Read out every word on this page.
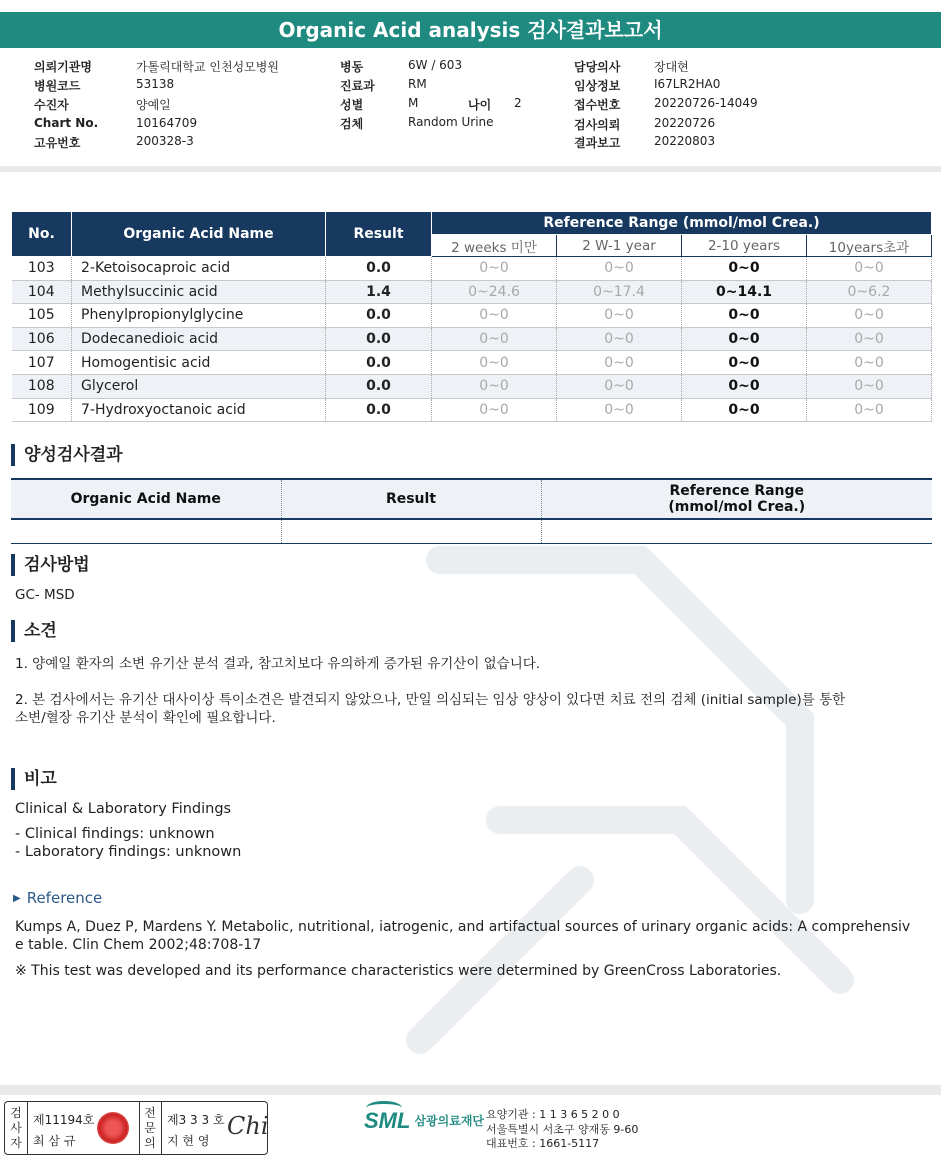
Organic Acid analysis 검사결과보고서
의뢰기관명	가톨릭대학교 인천성모병원
병원코드	53138
수진자	양예일
Chart No.	10164709
고유번호	200328-3
병동	6W / 603
진료과	RM
성별	M	나이 2
검체	Random Urine
담당의사	장대현
임상정보	I67LR2HA0
접수번호	20220726-14049
검사의뢰	20220726
결과보고	20220803
No.	Organic Acid Name	Result	Reference Range (mmol/mol Crea.)			
			2 weeks 미만	2 W-1 year	2-10 years	10years초과
103	2-Ketoisocaproic acid	0.0	0~0	0~0	0~0	0~0
104	Methylsuccinic acid	1.4	0~24.6	0~17.4	0~14.1	0~6.2
105	Phenylpropionylglycine	0.0	0~0	0~0	0~0	0~0
106	Dodecanedioic acid	0.0	0~0	0~0	0~0	0~0
107	Homogentisic acid	0.0	0~0	0~0	0~0	0~0
108	Glycerol	0.0	0~0	0~0	0~0	0~0
109	7-Hydroxyoctanoic acid	0.0	0~0	0~0	0~0	0~0
양성검사결과
Organic Acid Name	Result	Reference Range
(mmol/mol Crea.)

검사방법
GC- MSD
소견
1. 양예일 환자의 소변 유기산 분석 결과, 참고치보다 유의하게 증가된 유기산이 없습니다.
2. 본 검사에서는 유기산 대사이상 특이소견은 발견되지 않았으나, 만일 의심되는 임상 양상이 있다면 치료 전의 검체 (initial sample)를 통한
소변/혈장 유기산 분석이 확인에 필요합니다.
비고
Clinical & Laboratory Findings
- Clinical findings: unknown
- Laboratory findings: unknown
▶ Reference
Kumps A, Duez P, Mardens Y. Metabolic, nutritional, iatrogenic, and artifactual sources of urinary organic acids: A comprehensiv
e table. Clin Chem 2002;48:708-17
※ This test was developed and its performance characteristics were determined by GreenCross Laboratories.
검
사
자
제11194호
최 삼 규
전
문
의
제3 3 3 호
지 현 영
Chi	SML 삼광의료재단 요양기관 : 1 1 3 6 5 2 0 0
서울특별시 서초구 양재동 9-60
대표번호 : 1661-5117
